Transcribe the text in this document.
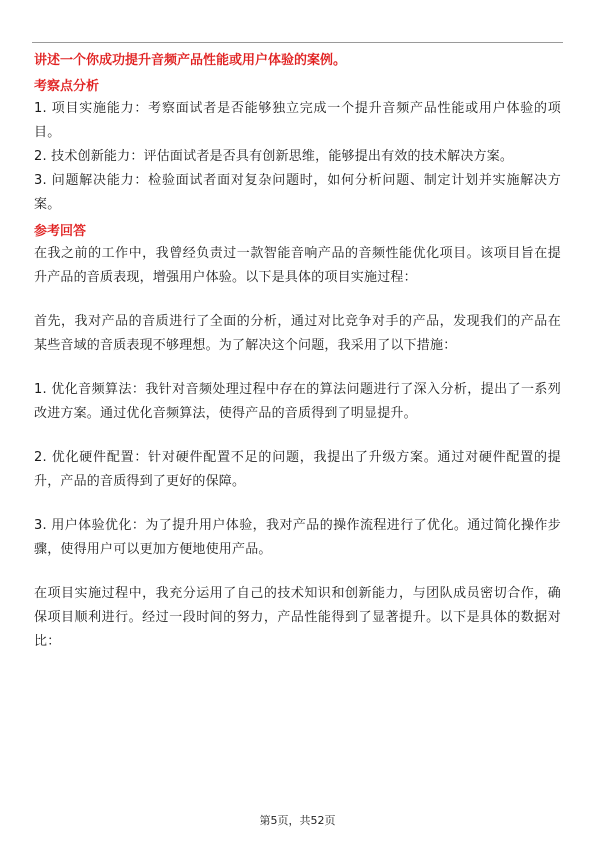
讲述一个你成功提升音频产品性能或用户体验的案例。

考察点分析

1. 项目实施能力：考察面试者是否能够独立完成一个提升音频产品性能或用户体验的项目。

2. 技术创新能力：评估面试者是否具有创新思维，能够提出有效的技术解决方案。

3. 问题解决能力：检验面试者面对复杂问题时，如何分析问题、制定计划并实施解决方案。

参考回答

在我之前的工作中，我曾经负责过一款智能音响产品的音频性能优化项目。该项目旨在提升产品的音质表现，增强用户体验。以下是具体的项目实施过程：

首先，我对产品的音质进行了全面的分析，通过对比竞争对手的产品，发现我们的产品在某些音域的音质表现不够理想。为了解决这个问题，我采用了以下措施：

1. 优化音频算法：我针对音频处理过程中存在的算法问题进行了深入分析，提出了一系列改进方案。通过优化音频算法，使得产品的音质得到了明显提升。

2. 优化硬件配置：针对硬件配置不足的问题，我提出了升级方案。通过对硬件配置的提升，产品的音质得到了更好的保障。

3. 用户体验优化：为了提升用户体验，我对产品的操作流程进行了优化。通过简化操作步骤，使得用户可以更加方便地使用产品。

在项目实施过程中，我充分运用了自己的技术知识和创新能力，与团队成员密切合作，确保项目顺利进行。经过一段时间的努力，产品性能得到了显著提升。以下是具体的数据对比：

第5页，共52页
